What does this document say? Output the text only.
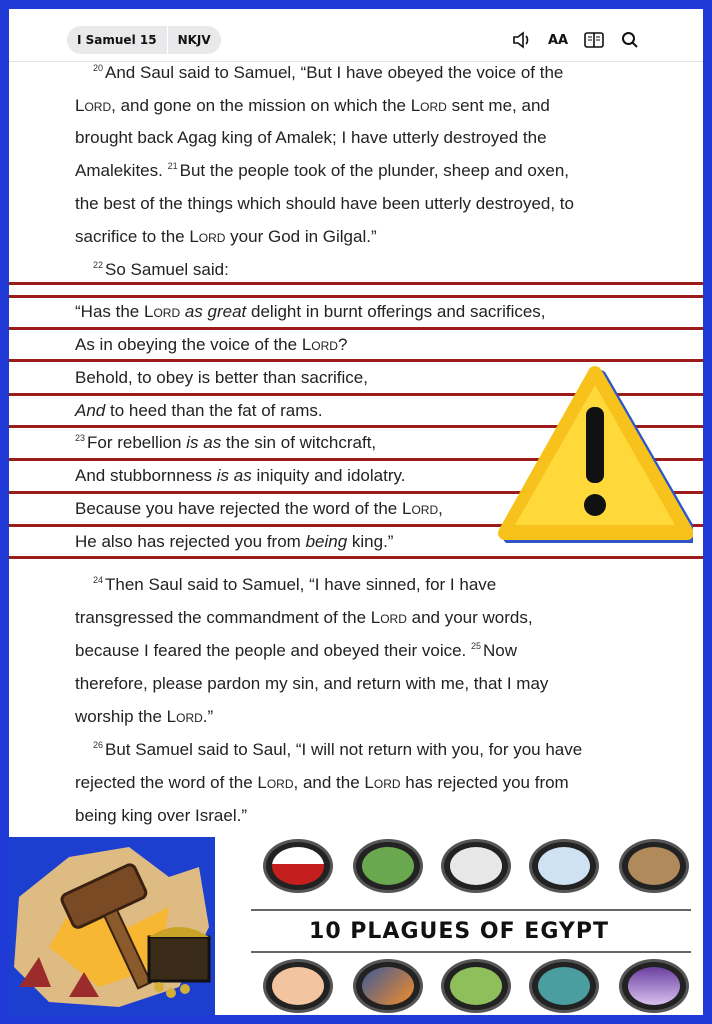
I Samuel 15	NKJV	AA
$^{20}$ And Saul said to Samuel, “But I have obeyed the voice of the
Lord, and gone on the mission on which the Lord sent me, and
brought back Agag king of Amalek; I have utterly destroyed the
Amalekites. $^{21}$ But the people took of the plunder, sheep and oxen,
the best of the things which should have been utterly destroyed, to
sacrifice to the Lord your God in Gilgal.”
$^{22}$ So Samuel said:
“Has the Lord as great delight in burnt offerings and sacrifices,
As in obeying the voice of the Lord?
Behold, to obey is better than sacrifice,
And to heed than the fat of rams.
$^{23}$ For rebellion is as the sin of witchcraft,
And stubbornness is as iniquity and idolatry.
Because you have rejected the word of the Lord,
He also has rejected you from being king.”
$^{24}$ Then Saul said to Samuel, “I have sinned, for I have
transgressed the commandment of the Lord and your words,
because I feared the people and obeyed their voice. $^{25}$ Now
therefore, please pardon my sin, and return with me, that I may
worship the Lord.”
$^{26}$ But Samuel said to Saul, “I will not return with you, for you have
rejected the word of the Lord, and the Lord has rejected you from
being king over Israel.”
10 PLAGUES OF EGYPT
